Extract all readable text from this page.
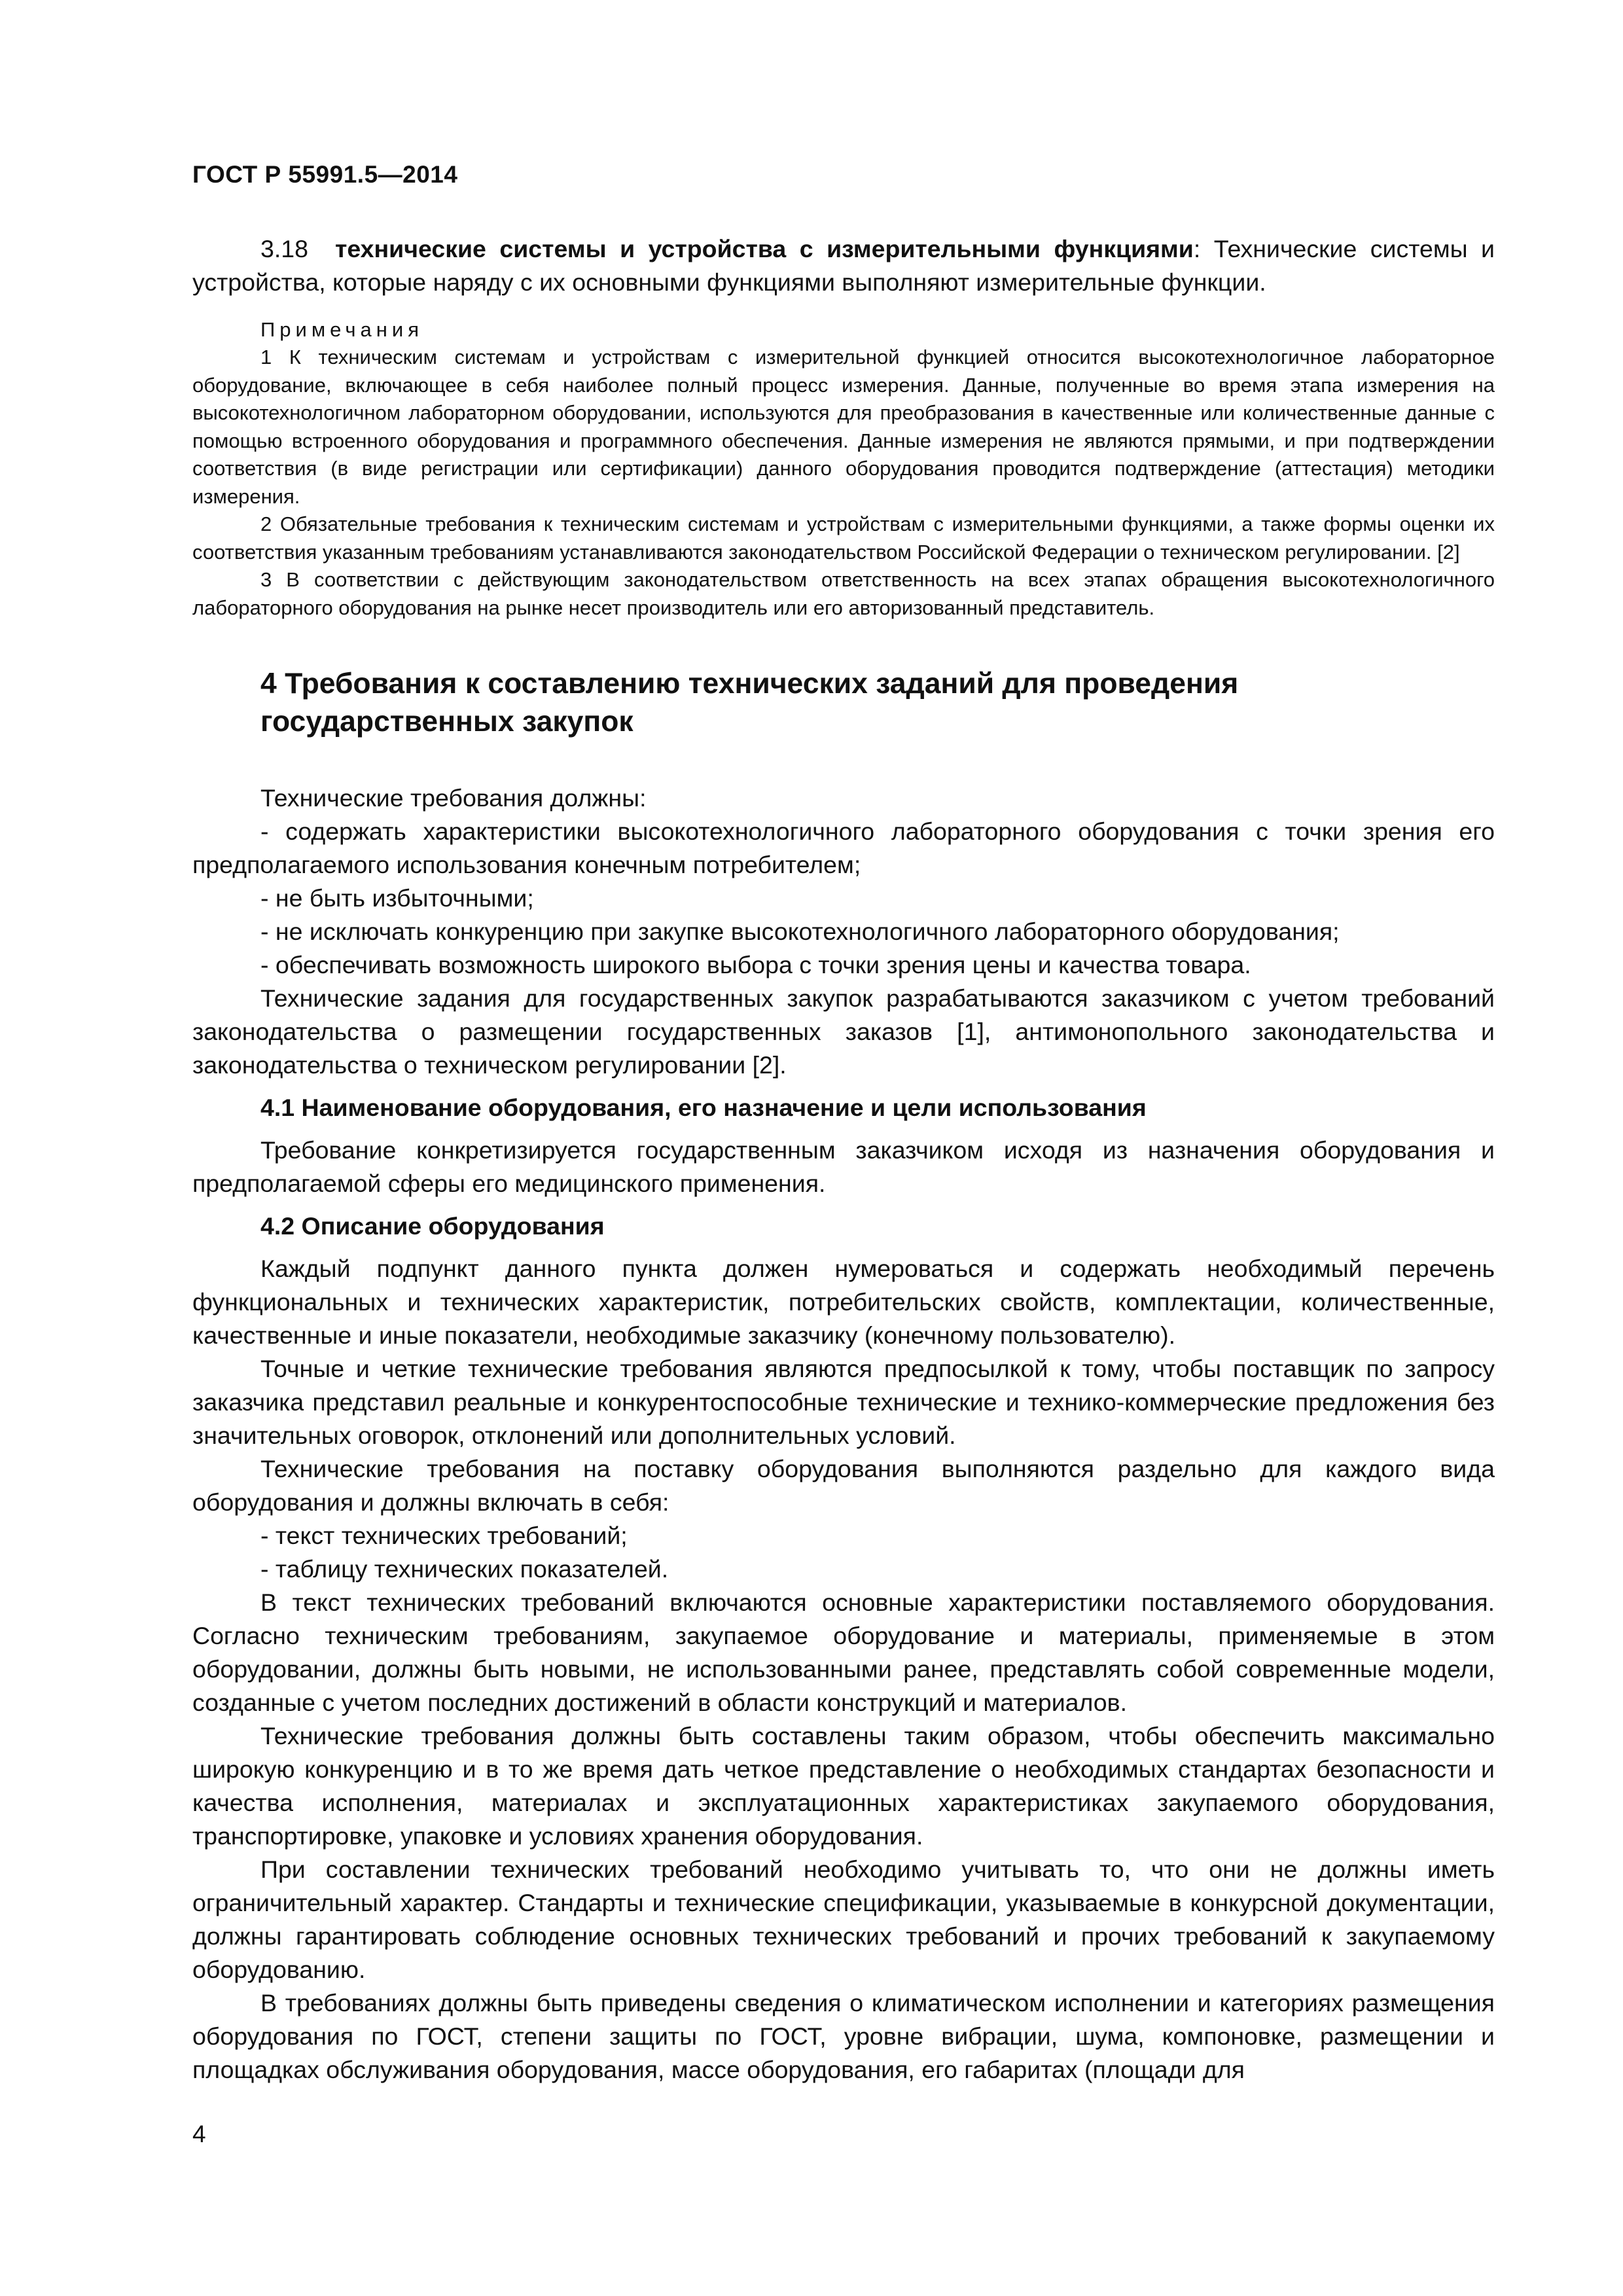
ГОСТ Р 55991.5—2014

3.18 технические системы и устройства с измерительными функциями: Технические системы и устройства, которые наряду с их основными функциями выполняют измерительные функции.

Примечания

1 К техническим системам и устройствам с измерительной функцией относится высокотехнологичное лабораторное оборудование, включающее в себя наиболее полный процесс измерения. Данные, полученные во время этапа измерения на высокотехнологичном лабораторном оборудовании, используются для преобразования в качественные или количественные данные с помощью встроенного оборудования и программного обеспечения. Данные измерения не являются прямыми, и при подтверждении соответствия (в виде регистрации или сертификации) данного оборудования проводится подтверждение (аттестация) методики измерения.

2 Обязательные требования к техническим системам и устройствам с измерительными функциями, а также формы оценки их соответствия указанным требованиям устанавливаются законодательством Российской Федерации о техническом регулировании. [2]

3 В соответствии с действующим законодательством ответственность на всех этапах обращения высокотехнологичного лабораторного оборудования на рынке несет производитель или его авторизованный представитель.

4 Требования к составлению технических заданий для проведения государственных закупок

Технические требования должны:

- содержать характеристики высокотехнологичного лабораторного оборудования с точки зрения его предполагаемого использования конечным потребителем;

- не быть избыточными;

- не исключать конкуренцию при закупке высокотехнологичного лабораторного оборудования;

- обеспечивать возможность широкого выбора с точки зрения цены и качества товара.

Технические задания для государственных закупок разрабатываются заказчиком с учетом требований законодательства о размещении государственных заказов [1], антимонопольного законодательства и законодательства о техническом регулировании [2].

4.1 Наименование оборудования, его назначение и цели использования

Требование конкретизируется государственным заказчиком исходя из назначения оборудования и предполагаемой сферы его медицинского применения.

4.2 Описание оборудования

Каждый подпункт данного пункта должен нумероваться и содержать необходимый перечень функциональных и технических характеристик, потребительских свойств, комплектации, количественные, качественные и иные показатели, необходимые заказчику (конечному пользователю).

Точные и четкие технические требования являются предпосылкой к тому, чтобы поставщик по запросу заказчика представил реальные и конкурентоспособные технические и технико-коммерческие предложения без значительных оговорок, отклонений или дополнительных условий.

Технические требования на поставку оборудования выполняются раздельно для каждого вида оборудования и должны включать в себя:

- текст технических требований;

- таблицу технических показателей.

В текст технических требований включаются основные характеристики поставляемого оборудования. Согласно техническим требованиям, закупаемое оборудование и материалы, применяемые в этом оборудовании, должны быть новыми, не использованными ранее, представлять собой современные модели, созданные с учетом последних достижений в области конструкций и материалов.

Технические требования должны быть составлены таким образом, чтобы обеспечить максимально широкую конкуренцию и в то же время дать четкое представление о необходимых стандартах безопасности и качества исполнения, материалах и эксплуатационных характеристиках закупаемого оборудования, транспортировке, упаковке и условиях хранения оборудования.

При составлении технических требований необходимо учитывать то, что они не должны иметь ограничительный характер. Стандарты и технические спецификации, указываемые в конкурсной документации, должны гарантировать соблюдение основных технических требований и прочих требований к закупаемому оборудованию.

В требованиях должны быть приведены сведения о климатическом исполнении и категориях размещения оборудования по ГОСТ, степени защиты по ГОСТ, уровне вибрации, шума, компоновке, размещении и площадках обслуживания оборудования, массе оборудования, его габаритах (площади для

4
